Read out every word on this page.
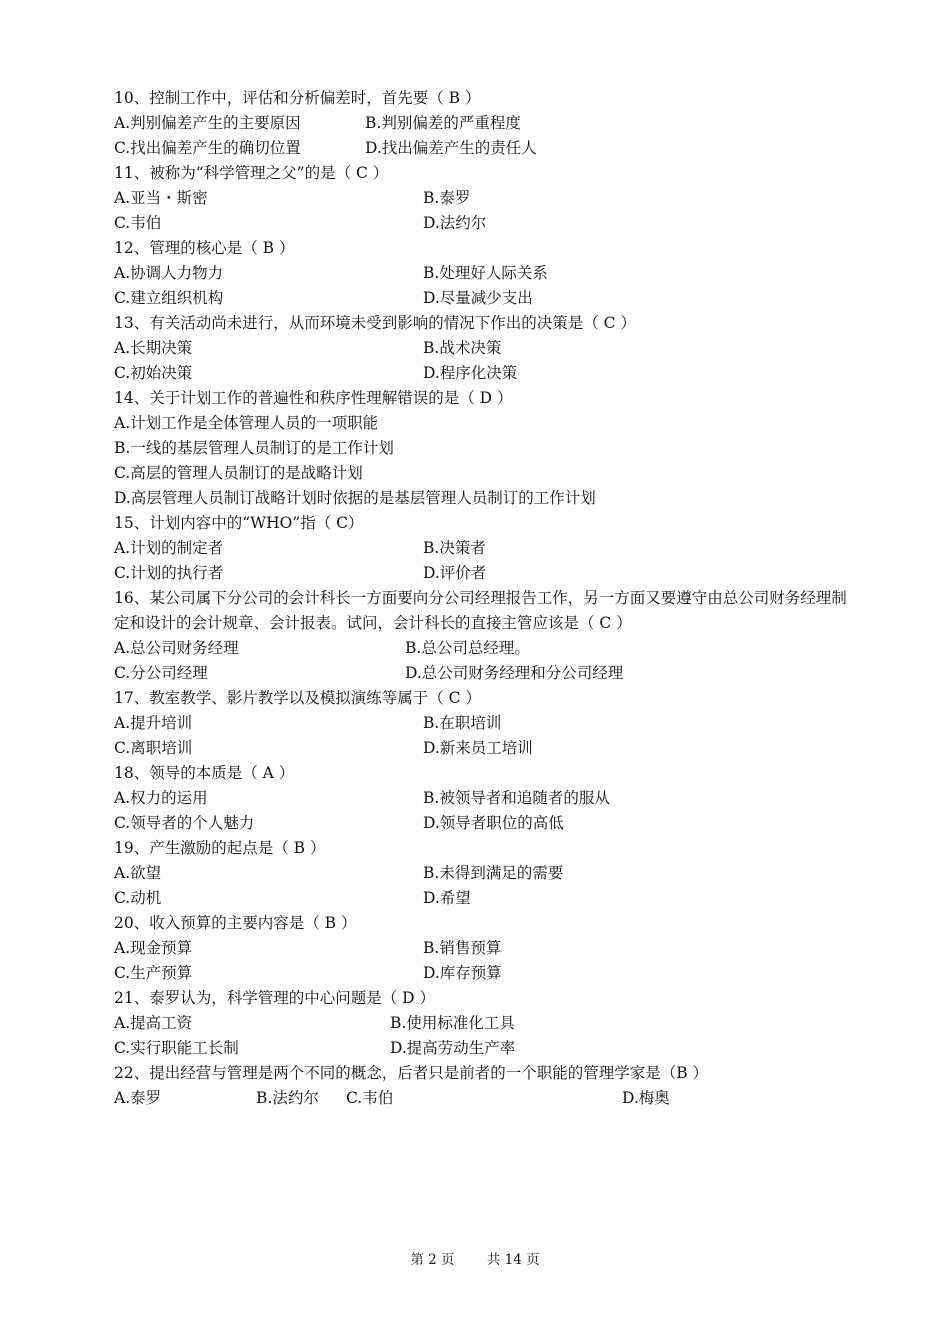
10、控制工作中，评估和分析偏差时，首先要（ B ）
A.判别偏差产生的主要原因	B.判别偏差的严重程度
C.找出偏差产生的确切位置	D.找出偏差产生的责任人
11、被称为“科学管理之父”的是（ C ）
A.亚当・斯密	B.泰罗
C.韦伯	D.法约尔
12、管理的核心是（ B ）
A.协调人力物力	B.处理好人际关系
C.建立组织机构	D.尽量减少支出
13、有关活动尚未进行，从而环境未受到影响的情况下作出的决策是（ C ）
A.长期决策	B.战术决策
C.初始决策	D.程序化决策
14、关于计划工作的普遍性和秩序性理解错误的是（ D ）
A.计划工作是全体管理人员的一项职能
B.一线的基层管理人员制订的是工作计划
C.高层的管理人员制订的是战略计划
D.高层管理人员制订战略计划时依据的是基层管理人员制订的工作计划
15、计划内容中的“WHO”指（ C）
A.计划的制定者	B.决策者
C.计划的执行者	D.评价者
16、某公司属下分公司的会计科长一方面要向分公司经理报告工作，另一方面又要遵守由总公司财务经理制定和设计的会计规章、会计报表。试问，会计科长的直接主管应该是（ C ）
A.总公司财务经理	B.总公司总经理。
C.分公司经理	D.总公司财务经理和分公司经理
17、教室教学、影片教学以及模拟演练等属于（ C ）
A.提升培训	B.在职培训
C.离职培训	D.新来员工培训
18、领导的本质是（ A ）
A.权力的运用	B.被领导者和追随者的服从
C.领导者的个人魅力	D.领导者职位的高低
19、产生激励的起点是（ B ）
A.欲望	B.未得到满足的需要
C.动机	D.希望
20、收入预算的主要内容是（ B ）
A.现金预算	B.销售预算
C.生产预算	D.库存预算
21、泰罗认为，科学管理的中心问题是（ D ）
A.提高工资	B.使用标准化工具
C.实行职能工长制	D.提高劳动生产率
22、提出经营与管理是两个不同的概念，后者只是前者的一个职能的管理学家是（B ）
A.泰罗	B.法约尔 C.韦伯	D.梅奥
第 2 页 共 14 页
